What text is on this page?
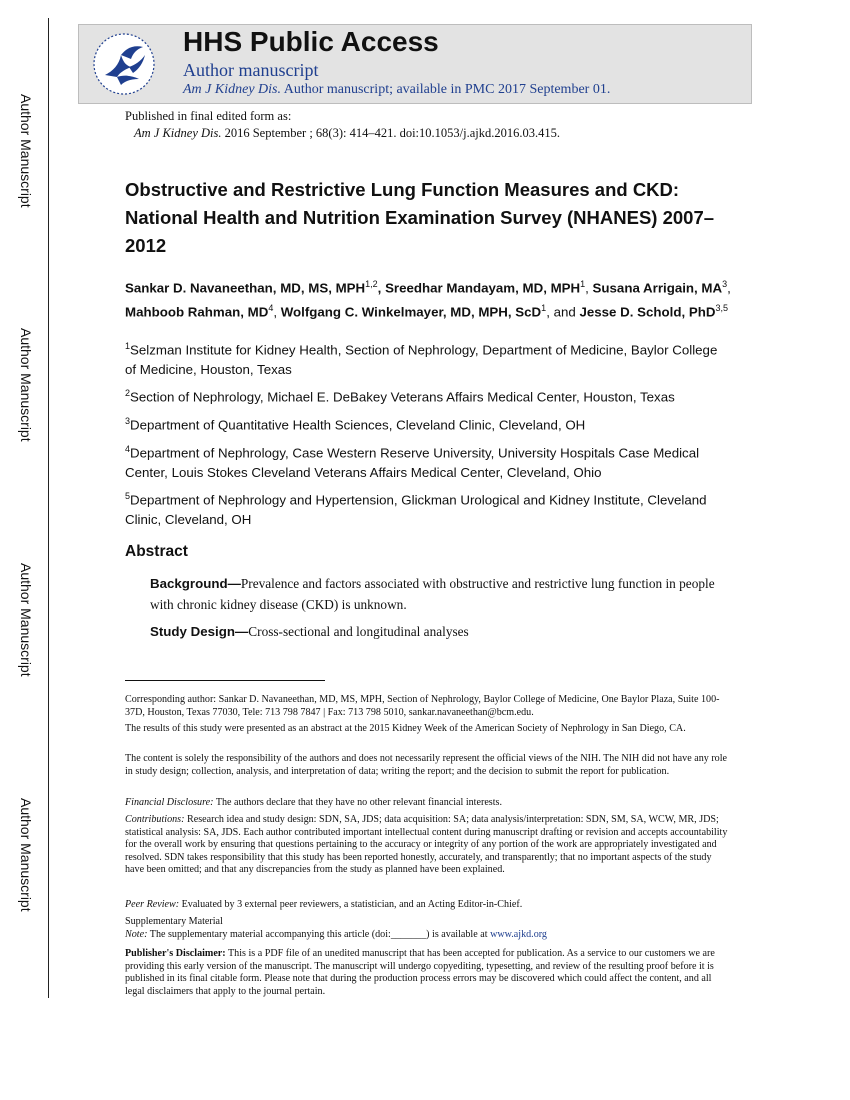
Author Manuscript
Author Manuscript
Author Manuscript
Author Manuscript
HHS Public Access
Author manuscript
Am J Kidney Dis. Author manuscript; available in PMC 2017 September 01.
Published in final edited form as:
Am J Kidney Dis. 2016 September ; 68(3): 414–421. doi:10.1053/j.ajkd.2016.03.415.
Obstructive and Restrictive Lung Function Measures and CKD: National Health and Nutrition Examination Survey (NHANES) 2007–2012
Sankar D. Navaneethan, MD, MS, MPH$^{1,2}$, Sreedhar Mandayam, MD, MPH$^1$, Susana Arrigain, $MA^3$, Mahboob Rahman, $MD^4$, Wolfgang C. Winkelmayer, MD, MPH, ScD$^1$, and Jesse D. Schold, PhD$^{3,5}$
$^1$Selzman Institute for Kidney Health, Section of Nephrology, Department of Medicine, Baylor College of Medicine, Houston, Texas
$^2$Section of Nephrology, Michael E. DeBakey Veterans Affairs Medical Center, Houston, Texas
$^3$Department of Quantitative Health Sciences, Cleveland Clinic, Cleveland, OH
$^4$Department of Nephrology, Case Western Reserve University, University Hospitals Case Medical Center, Louis Stokes Cleveland Veterans Affairs Medical Center, Cleveland, Ohio
$^5$Department of Nephrology and Hypertension, Glickman Urological and Kidney Institute, Cleveland Clinic, Cleveland, OH
Abstract
Background—Prevalence and factors associated with obstructive and restrictive lung function in people with chronic kidney disease (CKD) is unknown.
Study Design—Cross-sectional and longitudinal analyses
Corresponding author: Sankar D. Navaneethan, MD, MS, MPH, Section of Nephrology, Baylor College of Medicine, One Baylor Plaza, Suite 100-37D, Houston, Texas 77030, Tele: 713 798 7847 | Fax: 713 798 5010, sankar.navaneethan@bcm.edu.
The results of this study were presented as an abstract at the 2015 Kidney Week of the American Society of Nephrology in San Diego, CA.
The content is solely the responsibility of the authors and does not necessarily represent the official views of the NIH. The NIH did not have any role in study design; collection, analysis, and interpretation of data; writing the report; and the decision to submit the report for publication.
Financial Disclosure: The authors declare that they have no other relevant financial interests.
Contributions: Research idea and study design: SDN, SA, JDS; data acquisition: SA; data analysis/interpretation: SDN, SM, SA, WCW, MR, JDS; statistical analysis: SA, JDS. Each author contributed important intellectual content during manuscript drafting or revision and accepts accountability for the overall work by ensuring that questions pertaining to the accuracy or integrity of any portion of the work are appropriately investigated and resolved. SDN takes responsibility that this study has been reported honestly, accurately, and transparently; that no important aspects of the study have been omitted; and that any discrepancies from the study as planned have been explained.
Peer Review: Evaluated by 3 external peer reviewers, a statistician, and an Acting Editor-in-Chief.
Supplementary Material
Note: The supplementary material accompanying this article (doi:_______) is available at www.ajkd.org
Publisher's Disclaimer: This is a PDF file of an unedited manuscript that has been accepted for publication. As a service to our customers we are providing this early version of the manuscript. The manuscript will undergo copyediting, typesetting, and review of the resulting proof before it is published in its final citable form. Please note that during the production process errors may be discovered which could affect the content, and all legal disclaimers that apply to the journal pertain.
